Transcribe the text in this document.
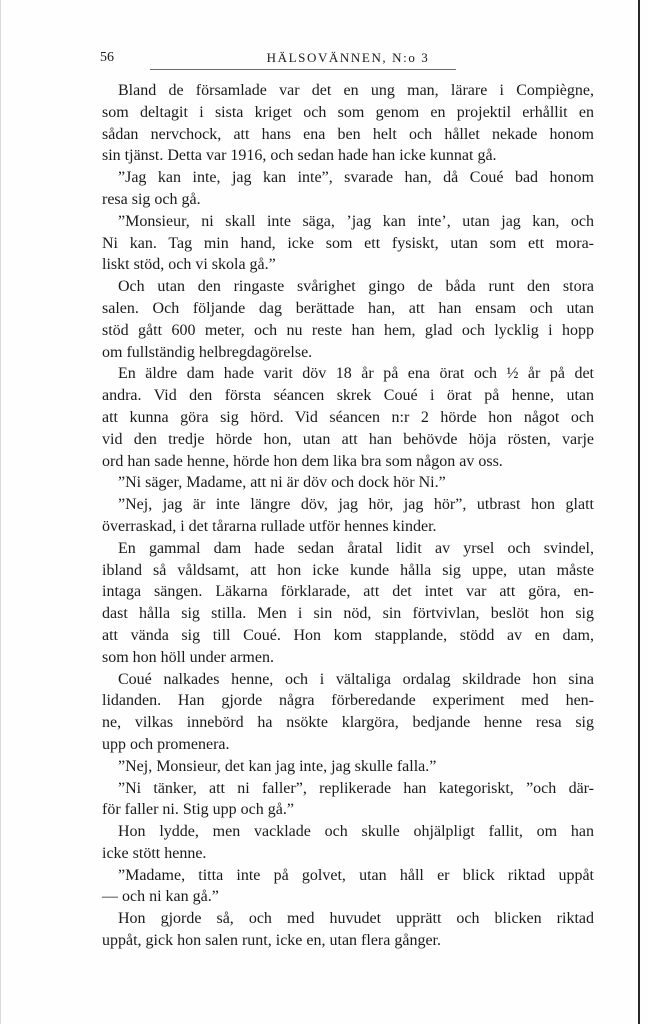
56	HÄLSOVÄNNEN, N:o 3

Bland de församlade var det en ung man, lärare i Compiègne,
som deltagit i sista kriget och som genom en projektil erhållit en
sådan nervchock, att hans ena ben helt och hållet nekade honom
sin tjänst. Detta var 1916, och sedan hade han icke kunnat gå.

”Jag kan inte, jag kan inte”, svarade han, då Coué bad honom
resa sig och gå.

”Monsieur, ni skall inte säga, ’jag kan inte’, utan jag kan, och
Ni kan. Tag min hand, icke som ett fysiskt, utan som ett mora-
liskt stöd, och vi skola gå.”

Och utan den ringaste svårighet gingo de båda runt den stora
salen. Och följande dag berättade han, att han ensam och utan
stöd gått 600 meter, och nu reste han hem, glad och lycklig i hopp
om fullständig helbregdagörelse.

En äldre dam hade varit döv 18 år på ena örat och ½ år på det
andra. Vid den första séancen skrek Coué i örat på henne, utan
att kunna göra sig hörd. Vid séancen n:r 2 hörde hon något och
vid den tredje hörde hon, utan att han behövde höja rösten, varje
ord han sade henne, hörde hon dem lika bra som någon av oss.

”Ni säger, Madame, att ni är döv och dock hör Ni.”

”Nej, jag är inte längre döv, jag hör, jag hör”, utbrast hon glatt
överraskad, i det tårarna rullade utför hennes kinder.

En gammal dam hade sedan åratal lidit av yrsel och svindel,
ibland så våldsamt, att hon icke kunde hålla sig uppe, utan måste
intaga sängen. Läkarna förklarade, att det intet var att göra, en-
dast hålla sig stilla. Men i sin nöd, sin förtvivlan, beslöt hon sig
att vända sig till Coué. Hon kom stapplande, stödd av en dam,
som hon höll under armen.

Coué nalkades henne, och i vältaliga ordalag skildrade hon sina
lidanden. Han gjorde några förberedande experiment med hen-
ne, vilkas innebörd ha nsökte klargöra, bedjande henne resa sig
upp och promenera.

”Nej, Monsieur, det kan jag inte, jag skulle falla.”

”Ni tänker, att ni faller”, replikerade han kategoriskt, ”och där-
för faller ni. Stig upp och gå.”

Hon lydde, men vacklade och skulle ohjälpligt fallit, om han
icke stött henne.

”Madame, titta inte på golvet, utan håll er blick riktad uppåt
— och ni kan gå.”

Hon gjorde så, och med huvudet upprätt och blicken riktad
uppåt, gick hon salen runt, icke en, utan flera gånger.
